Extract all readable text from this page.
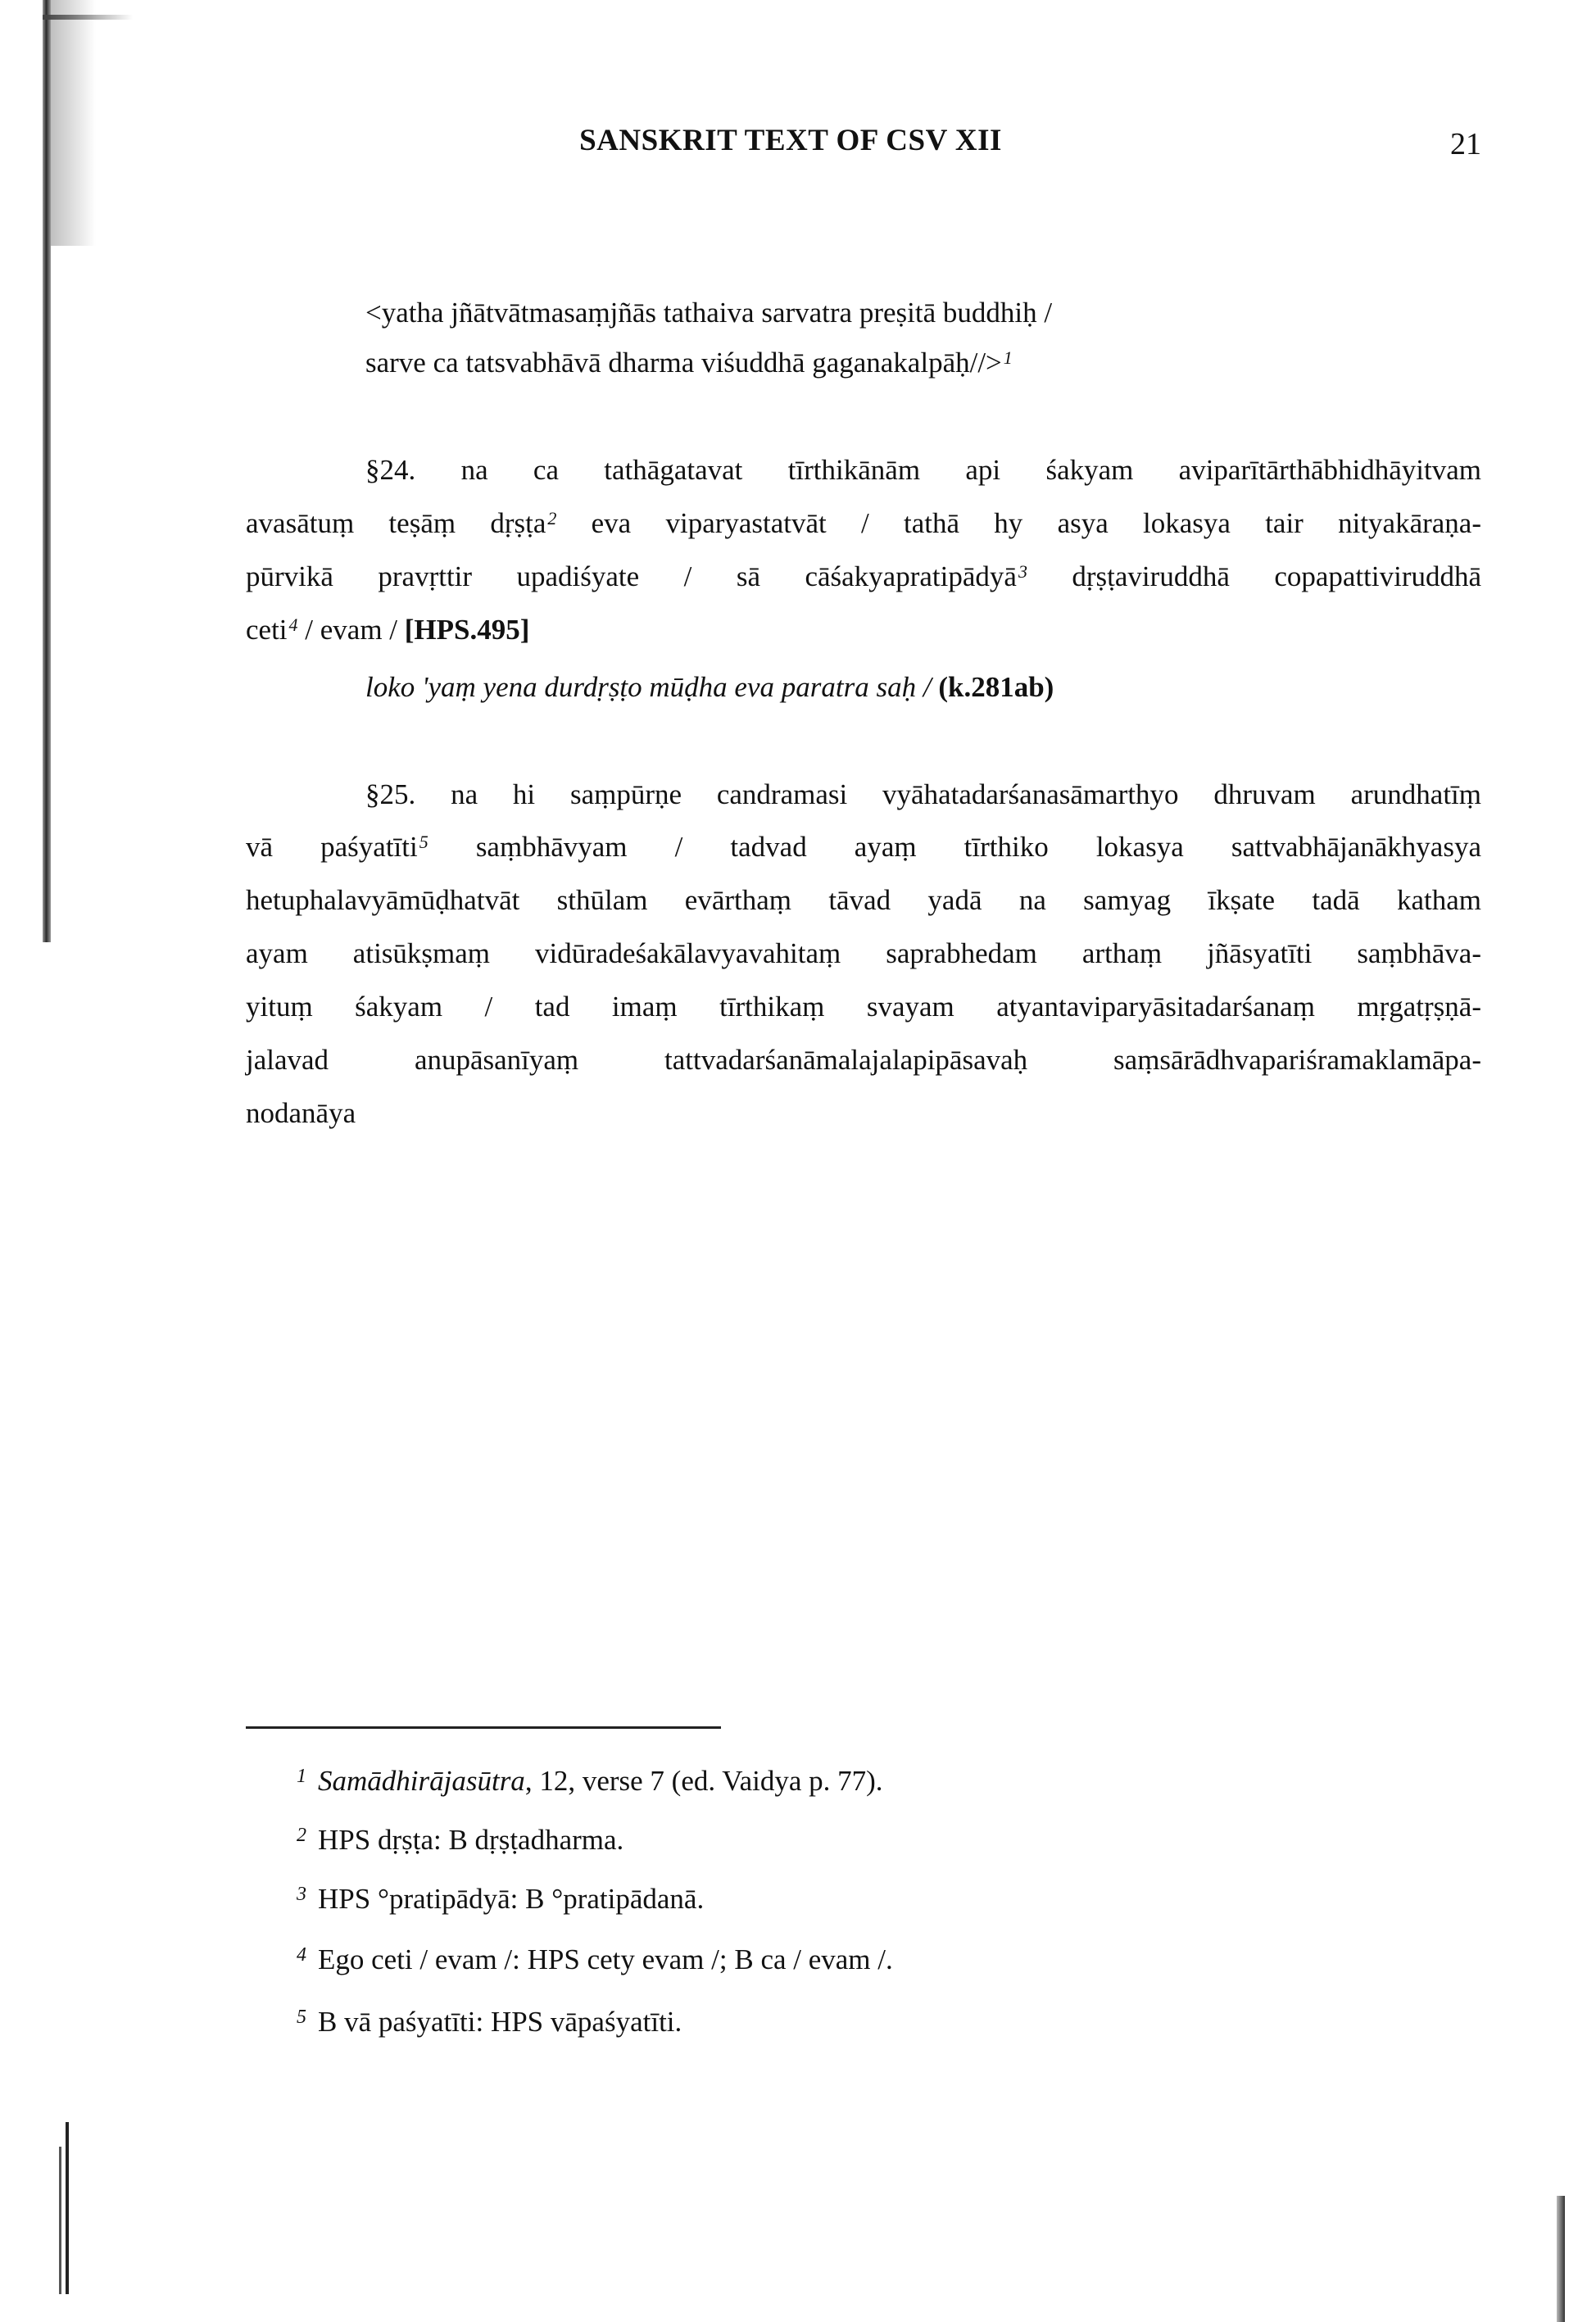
SANSKRIT TEXT OF CSV XII	21
<yatha jñātvātmasaṃjñās tathaiva sarvatra preṣitā buddhiḥ /
sarve ca tatsvabhāvā dharma viśuddhā gaganakalpāḥ//>$^1$
§24. na ca tathāgatavat tīrthikānām api śakyam aviparītārthābhidhāyitvam
avasātuṃ teṣāṃ dṛṣṭa$^2$ eva viparyastatvāt / tathā hy asya lokasya tair nityakāraṇa-
pūrvikā pravṛttir upadiśyate / sā cāśakyapratipādyā$^3$ dṛṣṭaviruddhā copapattiviruddhā
ceti$^4$ / evam / [HPS.495]
loko 'yaṃ yena durdṛṣṭo mūḍha eva paratra saḥ / (k.281ab)
§25. na hi saṃpūrṇe candramasi vyāhatadarśanasāmarthyo dhruvam arundhatīṃ
vā paśyatīti$^5$ saṃbhāvyam / tadvad ayaṃ tīrthiko lokasya sattvabhājanākhyasya
hetuphalavyāmūḍhatvāt sthūlam evārthaṃ tāvad yadā na samyag īkṣate tadā katham
ayam atisūkṣmaṃ vidūradeśakālavyavahitaṃ saprabhedam arthaṃ jñāsyatīti saṃbhāva-
yituṃ śakyam / tad imaṃ tīrthikaṃ svayam atyantaviparyāsitadarśanaṃ mṛgatṛṣṇā-
jalavad anupāsanīyaṃ tattvadarśanāmalajalapipāsavaḥ saṃsārādhvapariśramaklamāpa-
nodanāya
1 Samādhirājasūtra, 12, verse 7 (ed. Vaidya p. 77).
2 HPS dṛṣṭa: B dṛṣṭadharma.
3 HPS °pratipādyā: B °pratipādanā.
4 Ego ceti / evam /: HPS cety evam /; B ca / evam /.
5 B vā paśyatīti: HPS vāpaśyatīti.
